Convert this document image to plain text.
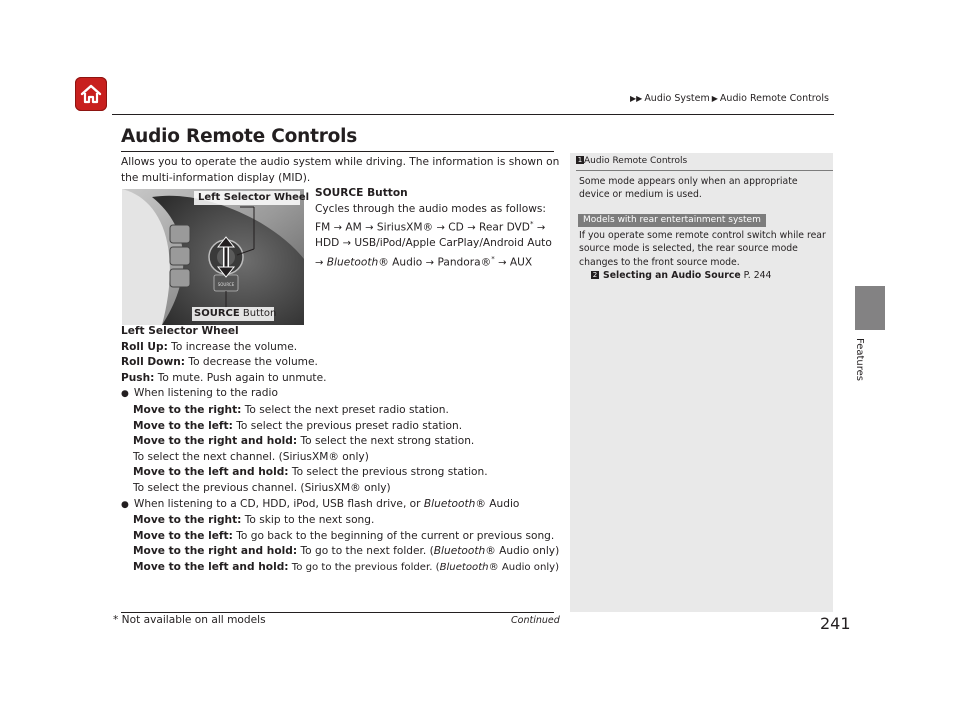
▶▶ Audio System ▶ Audio Remote Controls
Features
Audio Remote Controls
Allows you to operate the audio system while driving. The information is shown on
the multi-information display (MID).
SOURCE
Left Selector Wheel
SOURCE Button
SOURCE Button
Cycles through the audio modes as follows:
FM → AM → SiriusXM® → CD → Rear DVD* →
HDD → USB/iPod/Apple CarPlay/Android Auto
→ Bluetooth® Audio → Pandora®* → AUX
Left Selector Wheel
Roll Up: To increase the volume.
Roll Down: To decrease the volume.
Push: To mute. Push again to unmute.
● When listening to the radio
Move to the right: To select the next preset radio station.
Move to the left: To select the previous preset radio station.
Move to the right and hold: To select the next strong station.
To select the next channel. (SiriusXM® only)
Move to the left and hold: To select the previous strong station.
To select the previous channel. (SiriusXM® only)
● When listening to a CD, HDD, iPod, USB flash drive, or Bluetooth® Audio
Move to the right: To skip to the next song.
Move to the left: To go back to the beginning of the current or previous song.
Move to the right and hold: To go to the next folder. (Bluetooth® Audio only)
Move to the left and hold: To go to the previous folder. (Bluetooth® Audio only)
1 Audio Remote Controls
Some mode appears only when an appropriate
device or medium is used.
Models with rear entertainment system
If you operate some remote control switch while rear
source mode is selected, the rear source mode
changes to the front source mode.
2 Selecting an Audio Source P. 244
* Not available on all models	Continued	241
